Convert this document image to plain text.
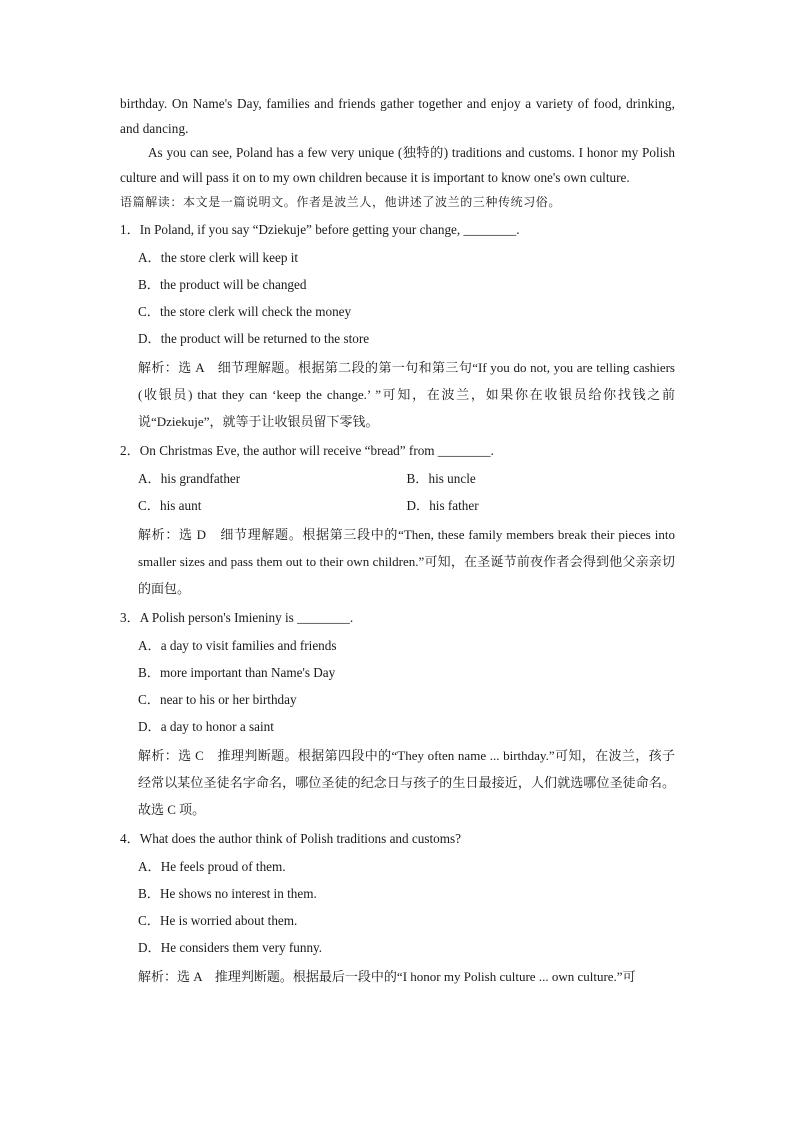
birthday. On Name's Day, families and friends gather together and enjoy a variety of food, drinking, and dancing.

As you can see, Poland has a few very unique (独特的) traditions and customs. I honor my Polish culture and will pass it on to my own children because it is important to know one's own culture.

语篇解读：本文是一篇说明文。作者是波兰人，他讲述了波兰的三种传统习俗。

1．In Poland, if you say “Dziekuje” before getting your change, ________.

A．the store clerk will keep it

B．the product will be changed

C．the store clerk will check the money

D．the product will be returned to the store

解析：选 A　细节理解题。根据第二段的第一句和第三句“If you do not, you are telling cashiers (收银员) that they can ‘keep the change.’ ”可知，在波兰，如果你在收银员给你找钱之前说“Dziekuje”，就等于让收银员留下零钱。

2．On Christmas Eve, the author will receive “bread” from ________.

A．his grandfather	B．his uncle
C．his aunt	D．his father

解析：选 D　细节理解题。根据第三段中的“Then, these family members break their pieces into smaller sizes and pass them out to their own children.”可知，在圣诞节前夜作者会得到他父亲亲切的面包。

3．A Polish person's Imieniny is ________.

A．a day to visit families and friends

B．more important than Name's Day

C．near to his or her birthday

D．a day to honor a saint

解析：选 C　推理判断题。根据第四段中的“They often name ... birthday.”可知，在波兰，孩子经常以某位圣徒名字命名，哪位圣徒的纪念日与孩子的生日最接近，人们就选哪位圣徒命名。故选 C 项。

4．What does the author think of Polish traditions and customs?

A．He feels proud of them.

B．He shows no interest in them.

C．He is worried about them.

D．He considers them very funny.

解析：选 A　推理判断题。根据最后一段中的“I honor my Polish culture ... own culture.”可
